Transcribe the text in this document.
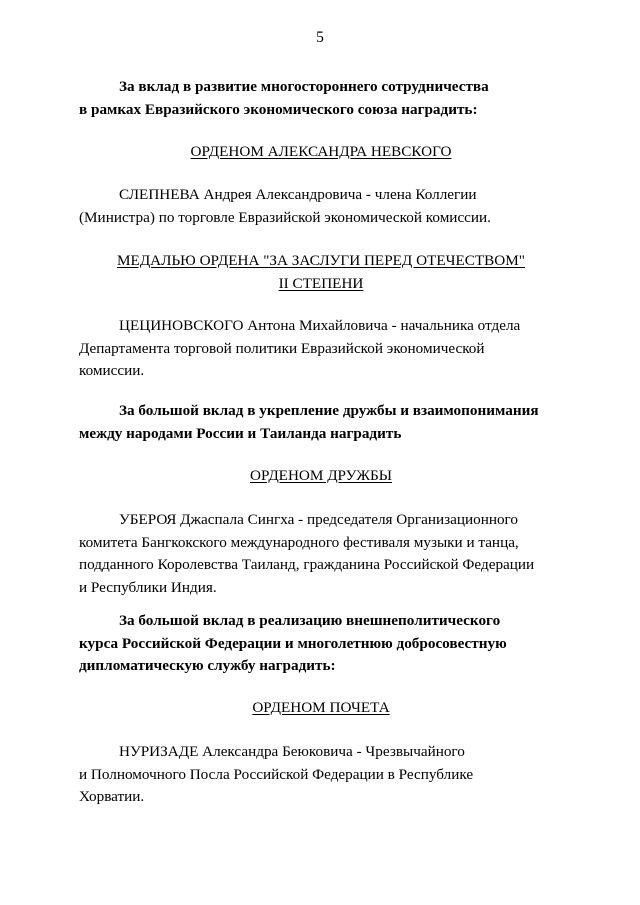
5
За вклад в развитие многостороннего сотрудничества
в рамках Евразийского экономического союза наградить:
ОРДЕНОМ АЛЕКСАНДРА НЕВСКОГО
СЛЕПНЕВА Андрея Александровича - члена Коллегии
(Министра) по торговле Евразийской экономической комиссии.
МЕДАЛЬЮ ОРДЕНА "ЗА ЗАСЛУГИ ПЕРЕД ОТЕЧЕСТВОМ"
II СТЕПЕНИ
ЦЕЦИНОВСКОГО Антона Михайловича - начальника отдела
Департамента торговой политики Евразийской экономической
комиссии.
За большой вклад в укрепление дружбы и взаимопонимания
между народами России и Таиланда наградить
ОРДЕНОМ ДРУЖБЫ
УБЕРОЯ Джаспала Сингха - председателя Организационного
комитета Бангкокского международного фестиваля музыки и танца,
подданного Королевства Таиланд, гражданина Российской Федерации
и Республики Индия.
За большой вклад в реализацию внешнеполитического
курса Российской Федерации и многолетнюю добросовестную
дипломатическую службу наградить:
ОРДЕНОМ ПОЧЕТА
НУРИЗАДЕ Александра Беюковича - Чрезвычайного
и Полномочного Посла Российской Федерации в Республике
Хорватии.
